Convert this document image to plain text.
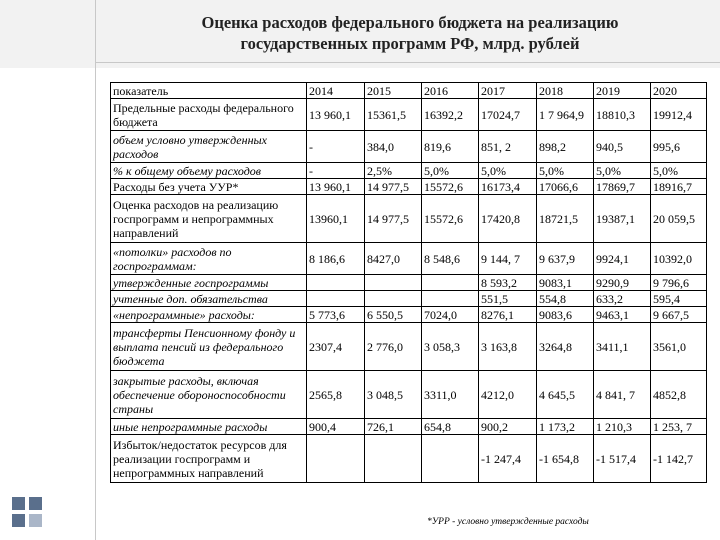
Оценка расходов федерального бюджета на реализацию
государственных программ РФ, млрд. рублей
показатель	2014	2015	2016	2017	2018	2019	2020
Предельные расходы федерального бюджета	13 960,1	15361,5	16392,2	17024,7	1 7 964,9	18810,3	19912,4
объем условно утвержденных расходов	-	384,0	819,6	851, 2	898,2	940,5	995,6
% к общему объему расходов	-	2,5%	5,0%	5,0%	5,0%	5,0%	5,0%
Расходы без учета УУР*	13 960,1	14 977,5	15572,6	16173,4	17066,6	17869,7	18916,7
Оценка расходов на реализацию госпрограмм и непрограммных направлений	13960,1	14 977,5	15572,6	17420,8	18721,5	19387,1	20 059,5
«потолки» расходов по госпрограммам:	8 186,6	8427,0	8 548,6	9 144, 7	9 637,9	9924,1	10392,0
утвержденные госпрограммы				8 593,2	9083,1	9290,9	9 796,6
учтенные доп. обязательства				551,5	554,8	633,2	595,4
«непрограммные» расходы:	5 773,6	6 550,5	7024,0	8276,1	9083,6	9463,1	9 667,5
трансферты Пенсионному фонду и выплата пенсий из федерального бюджета	2307,4	2 776,0	3 058,3	3 163,8	3264,8	3411,1	3561,0
закрытые расходы, включая обеспечение обороноспособности страны	2565,8	3 048,5	3311,0	4212,0	4 645,5	4 841, 7	4852,8
иные непрограммные расходы	900,4	726,1	654,8	900,2	1 173,2	1 210,3	1 253, 7
Избыток/недостаток ресурсов для реализации госпрограмм и непрограммных направлений				-1 247,4	-1 654,8	-1 517,4	-1 142,7
*УРР - условно утвержденные расходы
